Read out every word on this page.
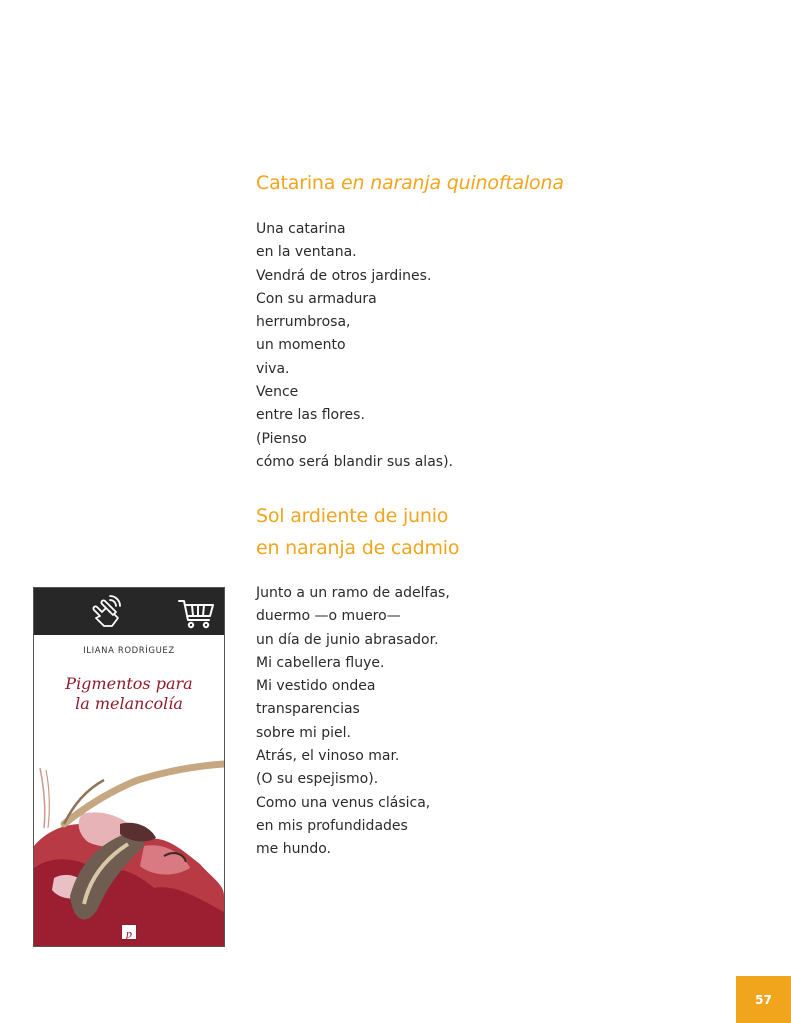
Catarina en naranja quinoftalona
Una catarina
en la ventana.
Vendrá de otros jardines.
Con su armadura
herrumbrosa,
un momento
viva.
Vence
entre las flores.
(Pienso
cómo será blandir sus alas).
Sol ardiente de junio
en naranja de cadmio
Junto a un ramo de adelfas,
duermo —o muero—
un día de junio abrasador.
Mi cabellera fluye.
Mi vestido ondea
transparencias
sobre mi piel.
Atrás, el vinoso mar.
(O su espejismo).
Como una venus clásica,
en mis profundidades
me hundo.
ILIANA RODRÍGUEZ
Pigmentos para
la melancolía
p
57
